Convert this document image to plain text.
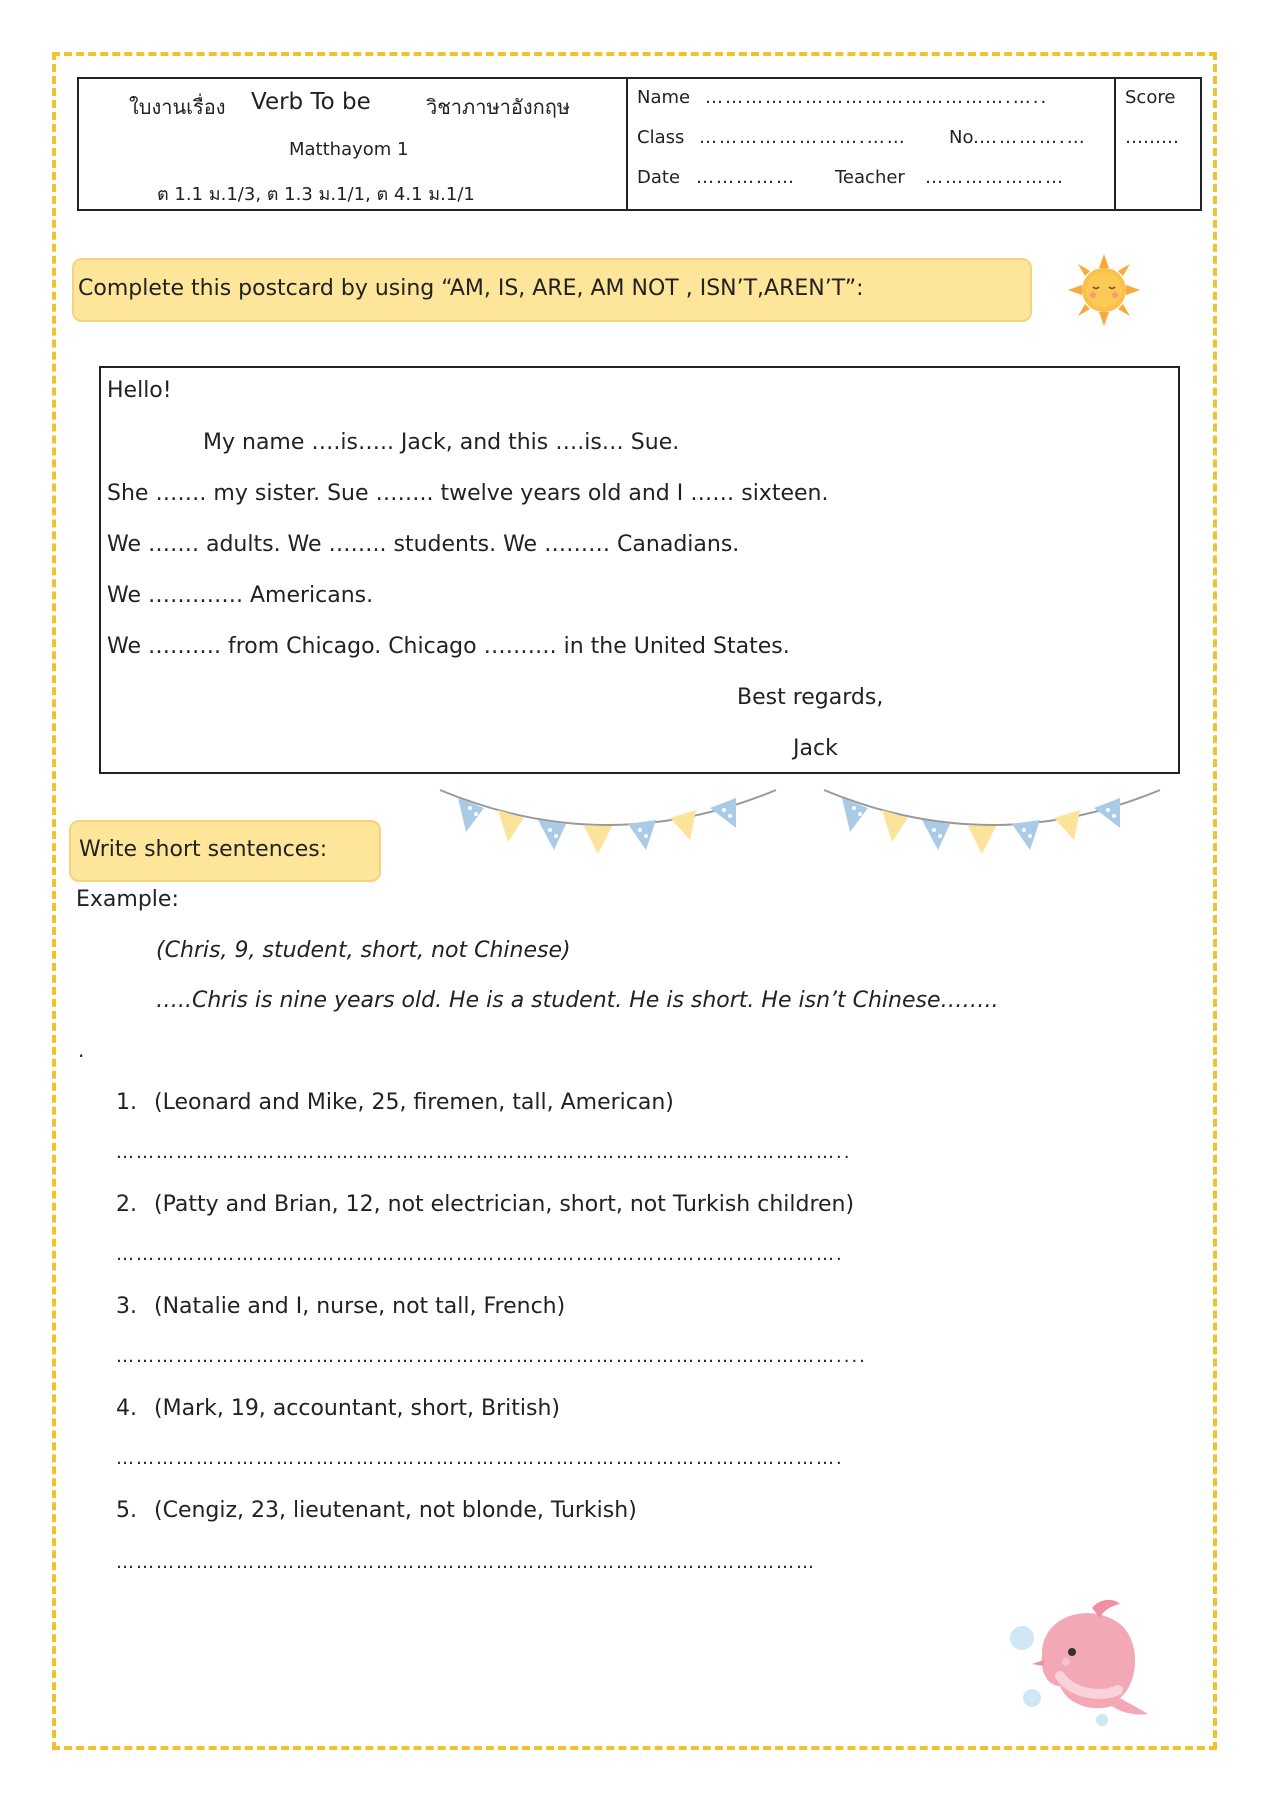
ใบงานเรื่อง Verb To be	วิชาภาษาอังกฤษ
Matthayom 1
ต 1.1 ม.1/3, ต 1.3 ม.1/1, ต 4.1 ม.1/1
Name ……………………………………….…..
Class …………………….…… No. ………….…
Date …………… Teacher …………………
Score
………
Complete this postcard by using “AM, IS, ARE, AM NOT , ISN’T,AREN’T”:
Hello!
My name ….is….. Jack, and this ….is… Sue.
She ……. my sister. Sue …….. twelve years old and I …… sixteen.
We ……. adults. We …….. students. We ……… Canadians.
We …………. Americans.
We ………. from Chicago. Chicago ………. in the United States.
Best regards,
Jack
Write short sentences:
Example:
(Chris, 9, student, short, not Chinese)
…..Chris is nine years old. He is a student. He is short. He isn’t Chinese……..
.
1. (Leonard and Mike, 25, firemen, tall, American)
………………………………………………………………………………………………..
2. (Patty and Brian, 12, not electrician, short, not Turkish children)
……………………………………………………………………………………………….
3. (Natalie and I, nurse, not tall, French)
………………………………………………………………………………………………....
4. (Mark, 19, accountant, short, British)
……………………………………………………………………………………………….
5. (Cengiz, 23, lieutenant, not blonde, Turkish)
……………………………………………………………………………………………
